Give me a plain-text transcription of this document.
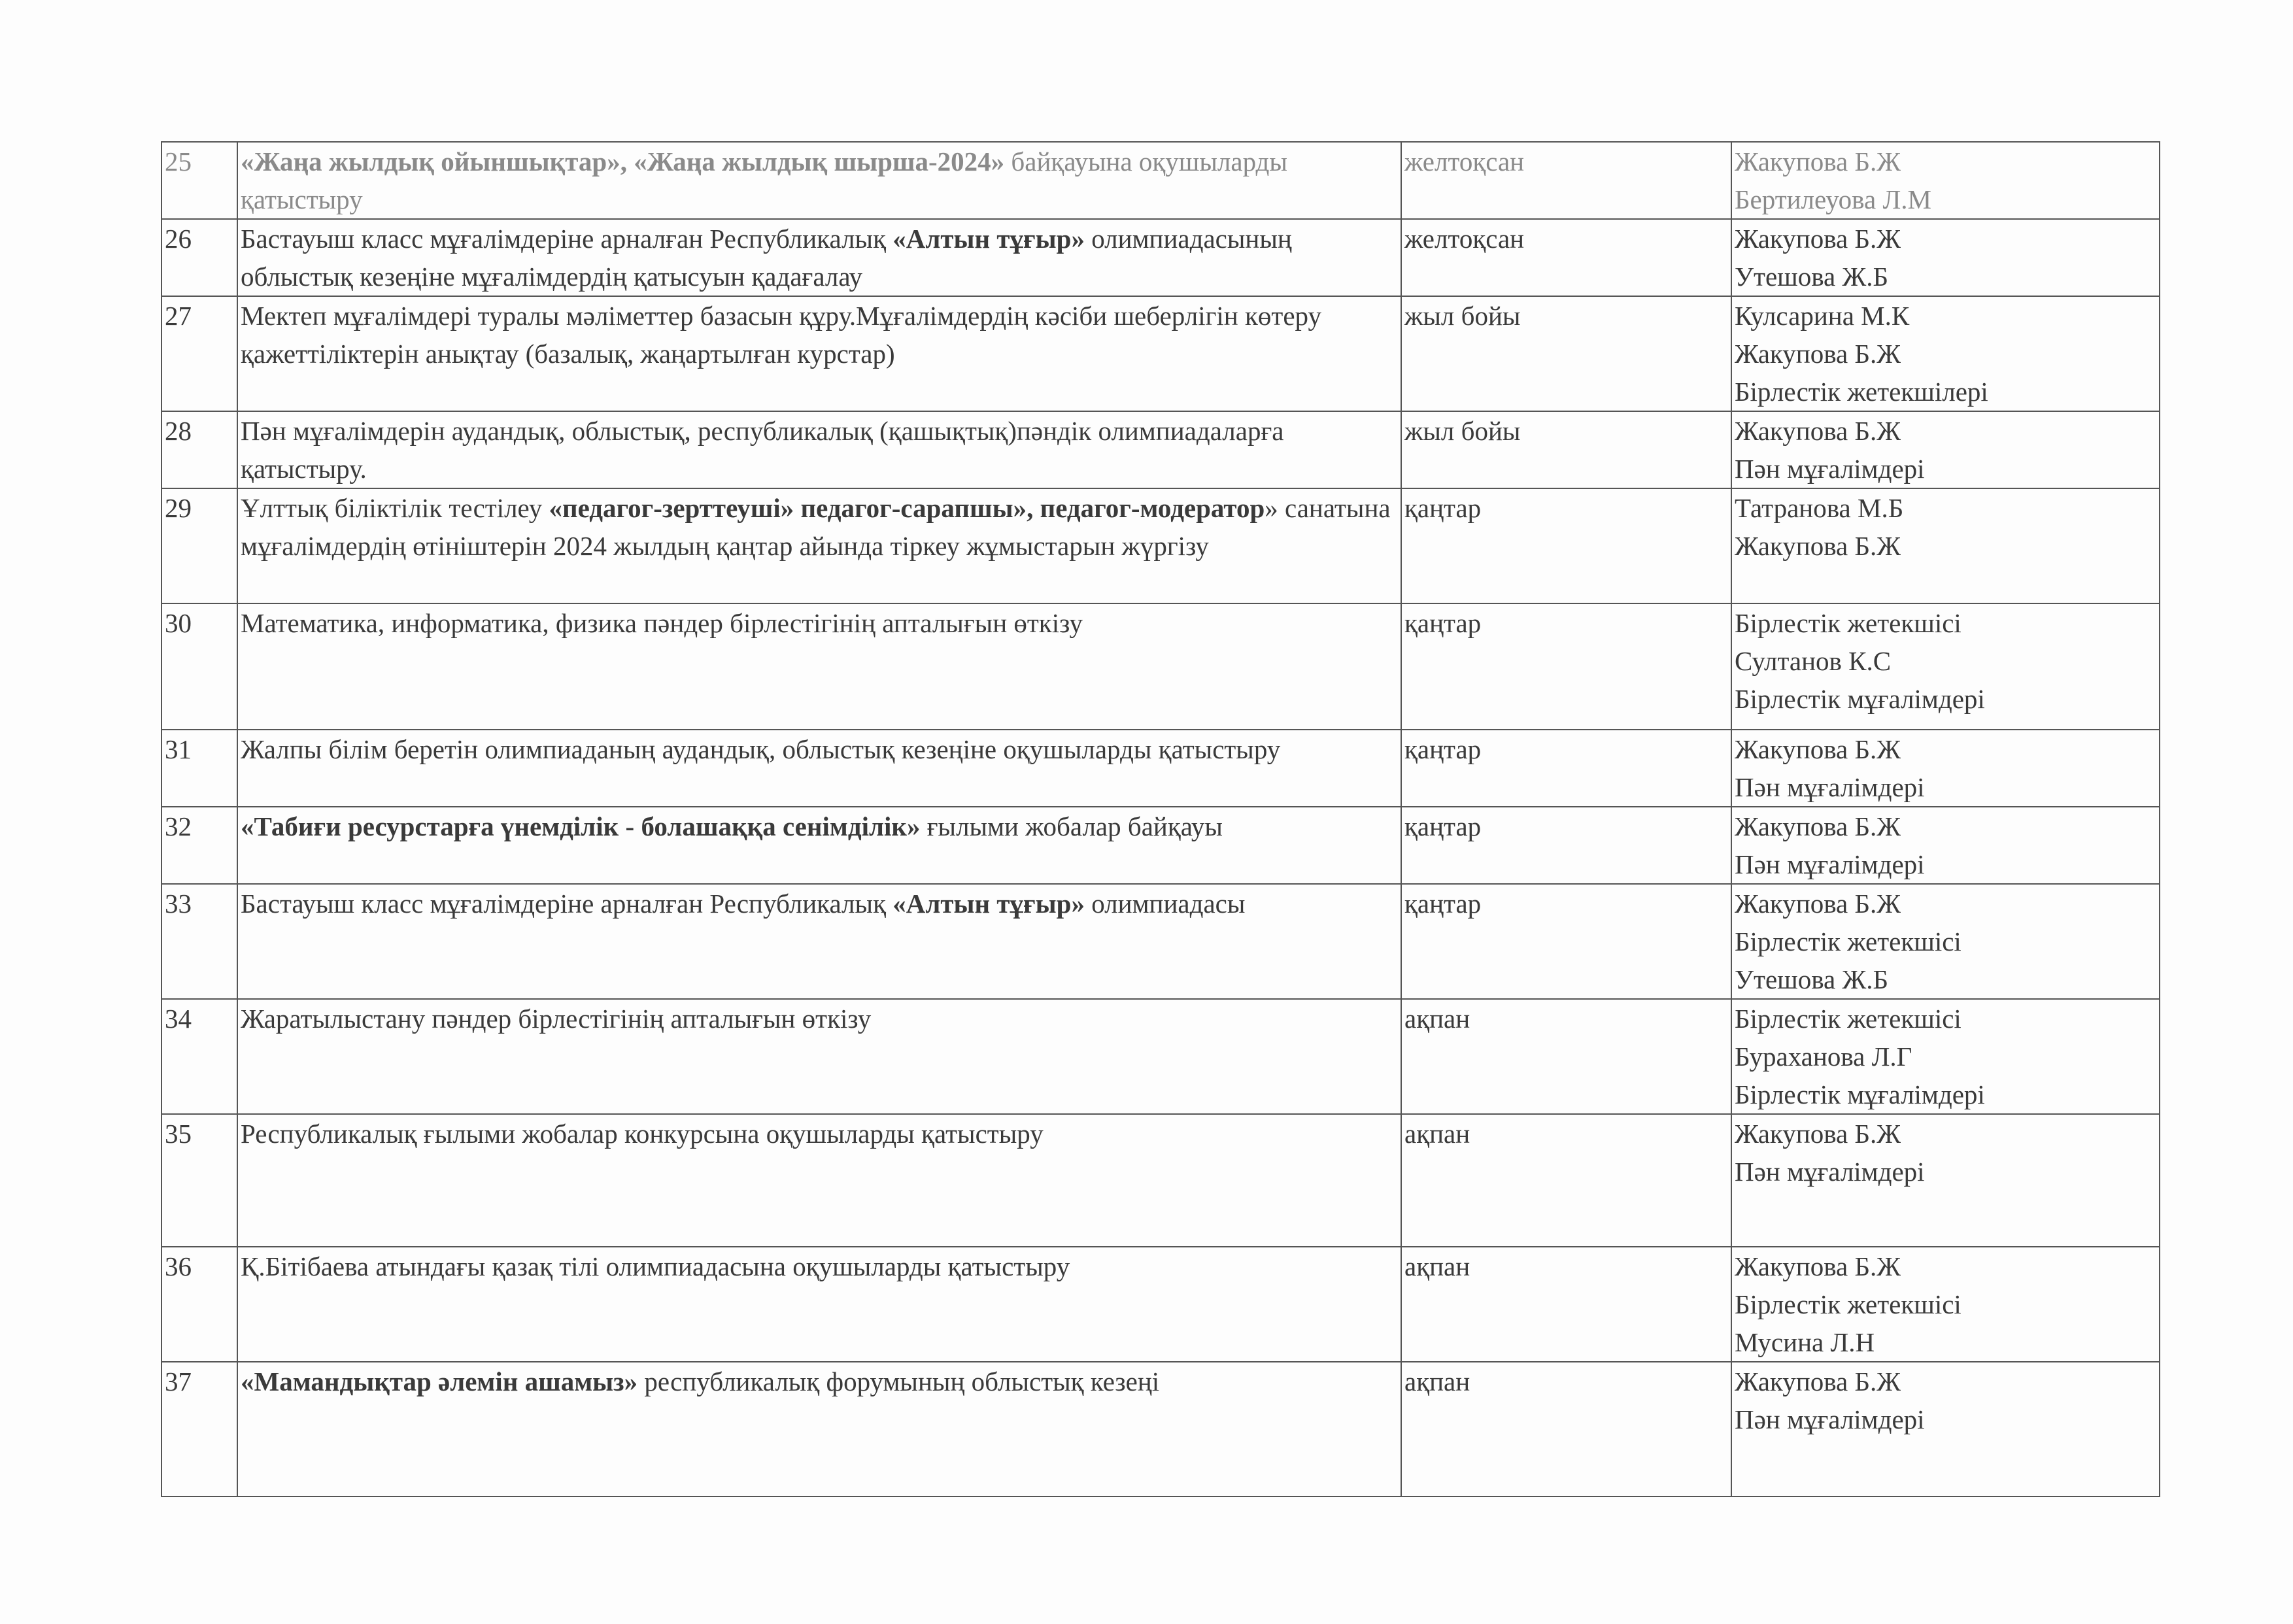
25	«Жаңа жылдық ойыншықтар», «Жаңа жылдық шырша-2024» байқауына оқушыларды қатыстыру	желтоқсан	Жакупова Б.Ж
Бертилеуова Л.М

26	Бастауыш класс мұғалімдеріне арналған Республикалық «Алтын тұғыр» олимпиадасының облыстық кезеңіне мұғалімдердің қатысуын қадағалау	желтоқсан	Жакупова Б.Ж
Утешова Ж.Б

27	Мектеп мұғалімдері туралы мәліметтер базасын құру.Мұғалімдердің кәсіби шеберлігін көтеру қажеттіліктерін анықтау (базалық, жаңартылған курстар)	жыл бойы	Кулсарина М.К
Жакупова Б.Ж
Бірлестік жетекшілері

28	Пән мұғалімдерін аудандық, облыстық, республикалық (қашықтық)пәндік олимпиадаларға қатыстыру.	жыл бойы	Жакупова Б.Ж
Пән мұғалімдері

29	Ұлттық біліктілік тестілеу «педагог-зерттеуші» педагог-сарапшы», педагог-модератор» санатына мұғалімдердің өтініштерін 2024 жылдың қаңтар айында тіркеу жұмыстарын жүргізу	қаңтар	Татранова М.Б
Жакупова Б.Ж

30	Математика, информатика, физика пәндер бірлестігінің апталығын өткізу	қаңтар	Бірлестік жетекшісі
Султанов К.С
Бірлестік мұғалімдері

31	Жалпы білім беретін олимпиаданың аудандық, облыстық кезеңіне оқушыларды қатыстыру	қаңтар	Жакупова Б.Ж
Пән мұғалімдері

32	«Табиғи ресурстарға үнемділік - болашаққа сенімділік» ғылыми жобалар байқауы	қаңтар	Жакупова Б.Ж
Пән мұғалімдері

33	Бастауыш класс мұғалімдеріне арналған Республикалық «Алтын тұғыр» олимпиадасы	қаңтар	Жакупова Б.Ж
Бірлестік жетекшісі
Утешова Ж.Б

34	Жаратылыстану пәндер бірлестігінің апталығын өткізу	ақпан	Бірлестік жетекшісі
Бураханова Л.Г
Бірлестік мұғалімдері

35	Республикалық ғылыми жобалар конкурсына оқушыларды қатыстыру	ақпан	Жакупова Б.Ж
Пән мұғалімдері

36	Қ.Бітібаева атындағы қазақ тілі олимпиадасына оқушыларды қатыстыру	ақпан	Жакупова Б.Ж
Бірлестік жетекшісі
Мусина Л.Н

37	«Мамандықтар әлемін ашамыз» республикалық форумының облыстық кезеңі	ақпан	Жакупова Б.Ж
Пән мұғалімдері
